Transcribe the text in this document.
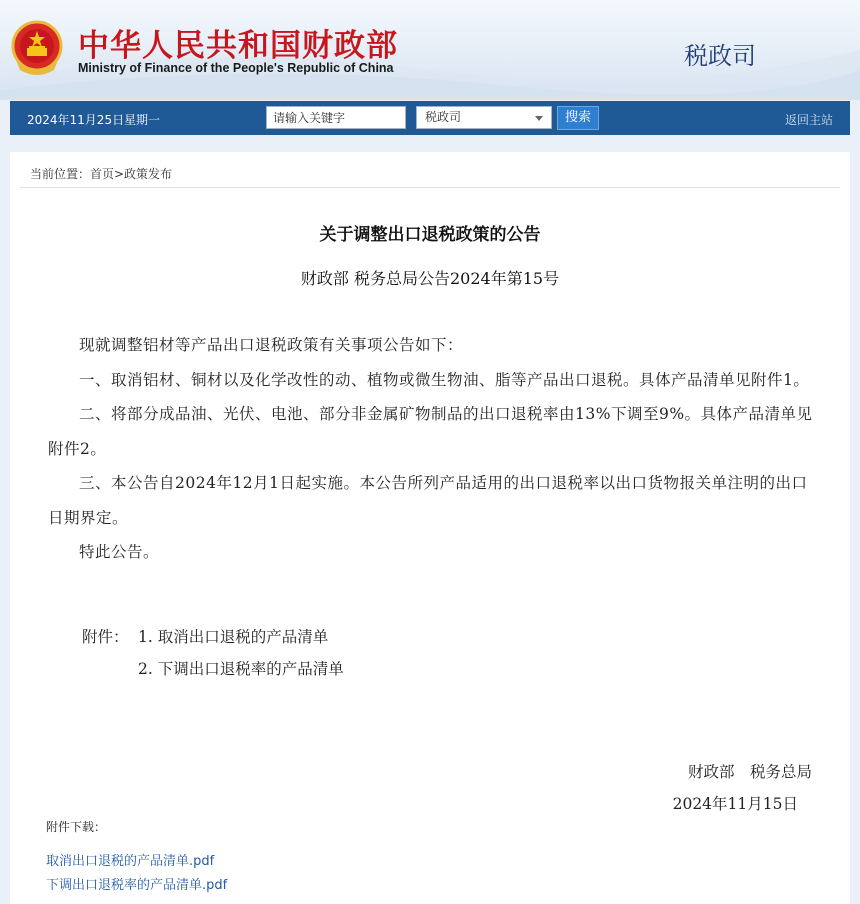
中华人民共和国财政部
Ministry of Finance of the People's Republic of China	税政司
2024年11月25日 星期一
请输入关键字	税政司	搜索	返回主站
当前位置：首页>政策发布
关于调整出口退税政策的公告
财政部 税务总局公告2024年第15号

现就调整铝材等产品出口退税政策有关事项公告如下：

一、取消铝材、铜材以及化学改性的动、植物或微生物油、脂等产品出口退税。具体产品清单见附件1。

二、将部分成品油、光伏、电池、部分非金属矿物制品的出口退税率由13%下调至9%。具体产品清单见附件2。

三、本公告自2024年12月1日起实施。本公告所列产品适用的出口退税率以出口货物报关单注明的出口日期界定。

特此公告。

附件： 1. 取消出口退税的产品清单
2. 下调出口退税率的产品清单
财政部　税务总局
2024年11月15日
附件下载：
取消出口退税的产品清单.pdf
下调出口退税率的产品清单.pdf
